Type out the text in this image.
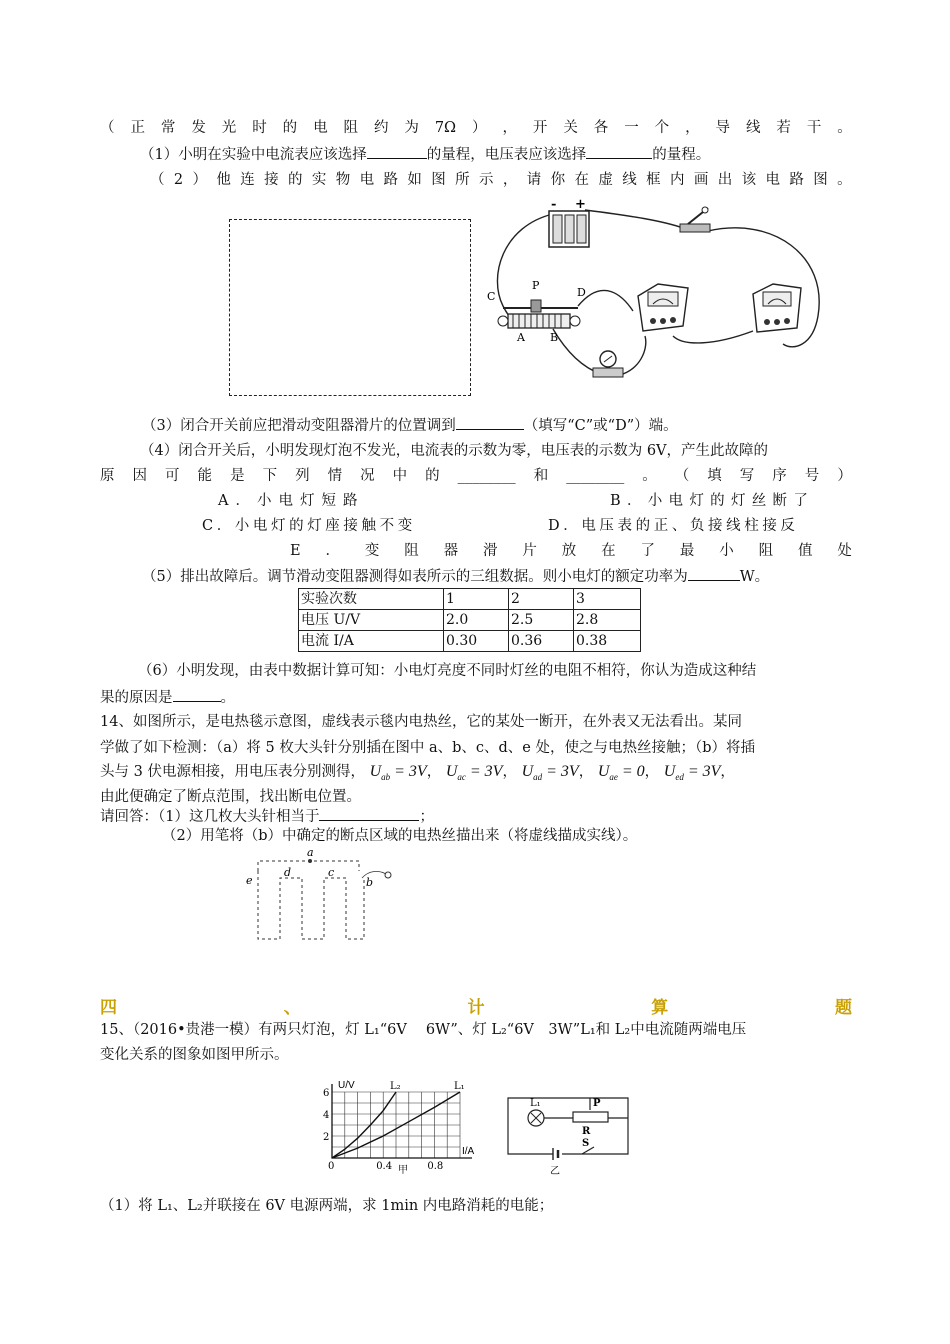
（ 正 常 发 光 时 的 电 阻 约 为 7Ω ） ， 开 关 各 一 个 ， 导 线 若 干 。
（1）小明在实验中电流表应该选择	的量程，电压表应该选择	的量程。
（ 2 ） 他 连 接 的 实 物 电 路 如 图 所 示 ， 请 你 在 虚 线 框 内 画 出 该 电 路 图 。
- +
C
P
D
A B
（3）闭合开关前应把滑动变阻器滑片的位置调到	（填写“C”或“D”）端。
（4）闭合开关后，小明发现灯泡不发光，电流表的示数为零，电压表的示数为 6V，产生此故障的
原 因 可 能 是 下 列 情 况 中 的 ________ 和 ________ 。 （ 填 写 序 号 ）
A．小电灯短路	B．小电灯的灯丝断了
C．小电灯的灯座接触不变	D．电压表的正、负接线柱接反
E ． 变 阻 器 滑 片 放 在 了 最 小 阻 值 处
（5）排出故障后。调节滑动变阻器测得如表所示的三组数据。则小电灯的额定功率为	W。
实验次数	1	2	3
电压 U/V	2.0	2.5	2.8
电流 I/A	0.30	0.36	0.38
（6）小明发现，由表中数据计算可知：小电灯亮度不同时灯丝的电阻不相符，你认为造成这种结
果的原因是	。
14、如图所示，是电热毯示意图，虚线表示毯内电热丝，它的某处一断开，在外表又无法看出。某同
学做了如下检测：（a）将 5 枚大头针分别插在图中 a、b、c、d、e 处，使之与电热丝接触；（b）将插
头与 3 伏电源相接，用电压表分别测得， $U_{ab} = 3V$， $U_{ac} = 3V$， $U_{ad} = 3V$， $U_{ae} = 0$， $U_{ed} = 3V$，
由此便确定了断点范围，找出断电位置。
请回答：（1）这几枚大头针相当于	；
（2）用笔将（b）中确定的断点区域的电热丝描出来（将虚线描成实线）。
a
b
c
d
e
四	、	计	算	题
15、（2016•贵港一模）有两只灯泡，灯 L₁“6V　 6W”、灯 L₂“6V　3W”L₁和 L₂中电流随两端电压
变化关系的图象如图甲所示。
U/V
I/A
甲
2
4
6
0	0.4	0.8
L₂	L₁
L₁	P
R
S
乙
（1）将 L₁、L₂并联接在 6V 电源两端，求 1min 内电路消耗的电能；
